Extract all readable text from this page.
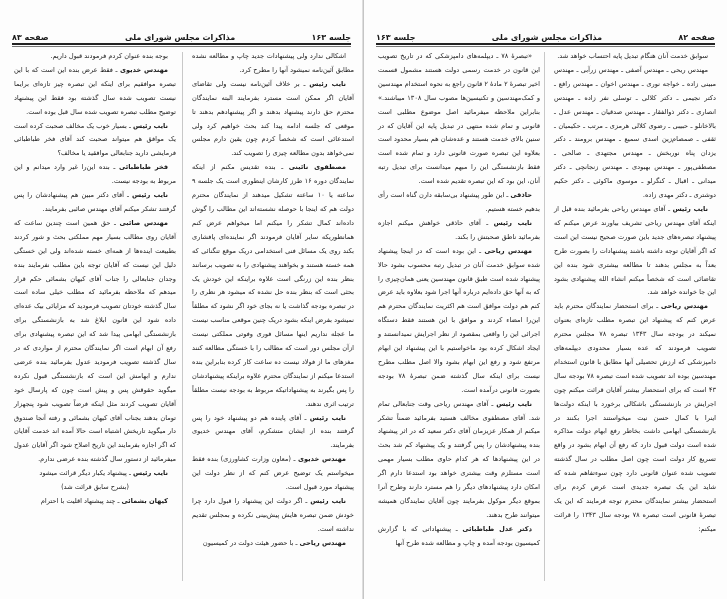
جلسه ۱۶۳
مذاکرات مجلس شورای ملی
صفحه ۸۳

اشکالی ندارد ولی پیشنهادات جدید چاپ و مطالعه نشده مطابق آئین‌نامه نمیشود آنها را مطرح کرد.

نایب رئیس ـ بر خلاف آئین‌نامه نیست ولی تقاضای آقایان اگر ممکن است مسترد بفرمایند البته نمایندگان محترم حق دارند پیشنهاد بدهند و اگر پیشنهادهم بدهند تا موقعی که جلسه ادامه پیدا کند بحث خواهیم کرد ولی استدعائی است که شخصاً کردم چون یقین دارم مجلس نمی‌خواهد بدون مطالعه چیزی را تصویب کند.

مصطفوی نائینی ـ بنده تقدیس مکنم از اینکه نمایندگان دوره ۱۶ طرز کارشان اینطوری است یک جلسه ۹ ساعته یا ۱۰ ساعته تشکیل میدهند از نمایندگان محترم دولت هم که اینجا با حوصله نشسته‌اند این مطالب را گوش داده‌اند کمال تشکر را میکنم اما میخواهم عرض کنم همانطوریکه سایر آقایان فرمودند اگر نماینده‌ای پافشاری بکند روی یک مسائل فنی استخدامی دریک موقع تنگنائی که همه خسته هستند و بخواهند پیشنهادی را به تصویب برسانند بنظر بنده این زرنگی است علاوه براینکه این خودش یک بحثی است که بنظر بنده حل نشده که میشود هر نظری را در تبصره بودجه گذاشت یا نه بجای خود اگر نشود که مطلقاً نمیشود بفرض اینکه بشود دریک چنین موقعی مناسب نیست ما عجله نداریم اینها مسائل فوری وفوتی مملکتی نیست ازآن مجلس دور است که مطالب را با خستگی مطالعه کنند مغزهای ما از فولاد نیست ده ساعت کار کرده بنابراین بنده استدعا میکنم از نمایندگان محترم علاوه براینکه پیشنهادشان را پس بگیرند به پیشنهاداتیکه مربوط به بودجه نیست مطلقاً ترتیب اثری ندهند.

نایب رئیس ـ آقای پاینده هم دو پیشنهاد خود را پس گرفتند بنده از ایشان متشکرم، آقای مهندس خدیوی بفرمایند.

مهندس خدیوی ـ (معاون وزارت کشاورزی) بنده فقط میخواستم یک توضیح عرض کنم که از نظر دولت این پیشنهاد مورد قبول است.

نایب رئیس ـ اگر دولت این پیشنهاد را قبول دارد چرا خودش ضمن تبصره هایش پیش‌بینی نکرده و بمجلس تقدیم نداشته است.

مهندس ریاحی ـ با حضور هیئت دولت در کمیسیون

بوجه بنده عنوان کردم فرمودند قبول داریم.

مهندس خدیوی ـ فقط عرض بنده این است که با این تبصره موافقیم برای اینکه این تبصره چیز تازه‌ای برایما نیست تصویب شده سال گذشته بود فقط این پیشنهاد توضیح مطلب تبصره تصویب شده سال قبل بوده است.

نایب رئیس ـ بسیار خوب یک مخالف صحبت کرده است یک موافق هم میتواند صحبت کند آقای فخر طباطبائی فرمایشی دارید جنابعالی موافقید یا مخالف؟

فخر طباطبائی ـ بنده این‌را غیر وارد میدانم و این مربوط به بودجه نیست.

نایب رئیس ـ آقای دکتر مبین هم پیشنهادشان را پس گرفتند تشکر میکنم آقای مهندس صائبی بفرمایند.

مهندس صائبی ـ حق همین است چندین ساعت که آقایان روی مطالب بسیار مهم مملکتی بحث و شور کردند بطبیعت اینده‌ها از همه‌ای خسته شده‌اند ولی این خستگی دلیل این نیست که آقایان توجه باین مطلب نفرمایند بنده وجدان جنابعالی را جناب آقای کیهان بشمائی حکم قرار میدهم که ملاحظه بفرمائید که مطلب خیلی ساده است سال گذشته خودتان تصویب فرمودید که مزایائی بیک عده‌ای داده شود این قانون ابلاغ شد به بازنشستگی برای بازنشستگی ابهامی پیدا شد که این تبصره پیشنهادی برای رفع آن ابهام است اگر نمایندگان محترم از مواردی که در سال گذشته تصویب فرمودید عدول بفرمائید بنده عرضی ندارم و ابهامش این است که بازنشستگی قبول نکرده میگوید حقوقش پس و پیش است چون که پارسال خود آقایان تصویب کردند مثل اینکه فرضاً تصویب شود پنجهزار تومان بدهند بجناب آقای کیهان بشمائی و رفته آنجا صندوق دار میگوید تاریخش اشتباه است حالا آمده اند خدمت آقایان که اگر اجازه بفرمایند این تاریخ اصلاح شود اگر آقایان عدول میفرمائید از دستور سال گذشته بنده عرضی ندارم.

نایب رئیس ـ پیشنهاد یکبار دیگر قرائت میشود

(بشرح سابق قرائت شد)

کیهان بشمائی ـ چند پیشنهاد اقلیت با احترام

صفحه ۸۲
مذاکرات مجلس شورای ملی
جلسه ۱۶۳

سوابق خدمت آنان هنگام تبدیل پایه احتساب خواهد شد.

مهندس ریحی ـ مهندس آصفی ـ مهندس زرآبی ـ مهندس مبینی زاده ـ خواجه نوری ـ مهندس اخوان ـ مهندس رافع ـ دکتر نجیمی ـ دکتر کلالی ـ توسلی نفر زاده ـ مهندس انصاری ـ دکتر ذوالفقار ـ مهندس صدقیان ـ مهندس عدل ـ بالاخانلو ـ حبیبی ـ رضوی کلالی هرمزی ـ مرتب ـ حکیمیان ـ ثقفی ـ صمصام‌زین اسدی سمیع ـ مهندس برومند ـ دکتر یزدان پناه نوربخش ـ مهندس مجتهدی ـ صالحی ـ مصطفی‌پور ـ مهندس بهبودی ـ مهندس زنجانچی ـ دکتر میدانی ـ اقبال ـ کنگرلو ـ موسوی ماکوئی ـ دکتر حکیم دوشتری ـ دکتر مهدی زاده.

نایب رئیس ـ آقای مهندس ریاحی بفرمائید بنده قبل از اینکه آقای مهندس ریاحی تشریف بیاورند عرض میکنم که پیشنهاد تبصره‌های جدید باین صورت صحیح نیست این است که اگر آقایان توجه داشته باشند پیشنهادات را بصورت طرح بعداً به مجلس بدهند تا مطالعه بیشتری شود بنده این تقاضائی است که شخصاً میکنم انشاء الله پیشنهادی بشود این جا خوانده خواهد شد.

مهندس ریاحی ـ برای استحضار نمایندگان محترم باید عرض کنم که پیشنهاد این تبصره مطلب تازه‌ای بعنوان نمیکند در بودجه سال ۱۳۴۳ تبصره ۷۸ مجلس محترم تصویب فرمودند که عده بسیار محدودی دیپلمه‌های دامپزشکی که ارزش تحصیلی آنها مطابق با قانون استخدام مهندسین بوده اند تصویب شده است تبصره ۷۸ بودجه سال ۴۳ است که برای استحضار بیشتر آقایان قرائت میکنم چون اجرایش در بازنشستگی باشکالی برخورد با اینکه دولت‌ها اینرا با کمال حسن نیت میخواستند اجرا بکنند در بازنشستگی ابهامی داشت بخاطر رفع ابهام دولت مذاکره شده است دولت قبول دارد که رفع آن ابهام بشود در واقع تسریع کار دولت است چون اصل مطلب در سال گذشته تصویب شده عنوان قانونی دارد چون سوءتفاهم شده که شاید این یک تبصره جدیدی است عرض کردم برای استحضار بیشتر نمایندگان محترم توجه فرمایند که این یک تبصرهٔ قانونی است تبصره ۷۸ بودجه سال ۱۳۴۳ را قرائت میکنم:

«تبصرهٔ ۷۸ ـ دیپلمه‌های دامپزشکی که در تاریخ تصویب این قانون در خدمت رسمی دولت هستند مشمول قسمت اخیر تبصرهٔ ۲ مادهٔ ۲ قانون راجع به نحوه استخدام مهندسین و کمک‌مهندسین و تکنیسین‌ها مصوب سال ۱۳۰۸ میباشند.» بنابراین ملاحظه میفرمائید اصل موضوع مطلبی است قانونی و تمام شده منتهی در تبدیل پایه این آقایان که در سنین بالای خدمت هستند و عده‌شان هم بسیار محدود است بعلاوه این تبصره صورت قانونی دارد و تمام شده است فقط بازنشستگی این را مبهم میدانست برای تبدیل رتبه آنان، این بود که این تبصره تقدیم شده است.

حاذقی ـ این طور پیشنهاد بی‌سابقه دارن گناه است رأی بدهیم خسته هستیم.

نایب رئیس ـ آقای حاذقی خواهش میکنم اجازه بفرمائید ناطق صحبتش را بکند.

مهندس ریاحی ـ این بوده است که در اینجا پیشنهاد شده سوابق خدمت آنان در تبدیل رتبه محسوب بشود حالا پیشنهاد شده است طبق قانون مهندسین یعنی همان‌چیزی را که به آنها حق داده‌ایم درباره آنها اجرا شود بعلاوه باید عرض کنم هم دولت موافق است هم اکثریت نمایندگان محترم هم این‌را امضاء کردند و موافق با این هستند فقط دستگاه اجرائی این را واقعی بمقصود از نظر اجرایش نمیدانستند و ایجاد اشکال کرده بود ماخواستیم با این پیشنهاد این ابهام مرتفع شود و رفع این ابهام بشود والا اصل مطلب مطرح نیست برای اینکه سال گذشته ضمن تبصرهٔ ۷۸ بودجه بصورت قانونی درآمده است.

نایب رئیس ـ آقای مهندس ریاحی وقت جنابعالی تمام شد. آقای مصطفوی مخالف هستید بفرمائید ضمناً تشکر میکنم از همکار عزیزمان آقای دکتر سعید که در اثر پیشنهاد بنده پیشنهادشان را پس گرفتند و یک پیشنهاد کم شد بحث در این پیشنهادها که هر کدام حاوی مطلب بسیار مهمی است مستلزم وقت بیشتری خواهد بود استدعا دارم اگر امکان دارد پیشنهادهای دیگر را هم مسترد دارند وطرح آنرا بموقع دیگر موکول بفرمایند چون آقایان نمایندگان همیشه میتوانند طرح بدهند.

دکتر عدل طباطبائی ـ پیشنهاداتی که با گزارش کمیسیون بودجه آمده و چاپ و مطالعه شده طرح آنها
